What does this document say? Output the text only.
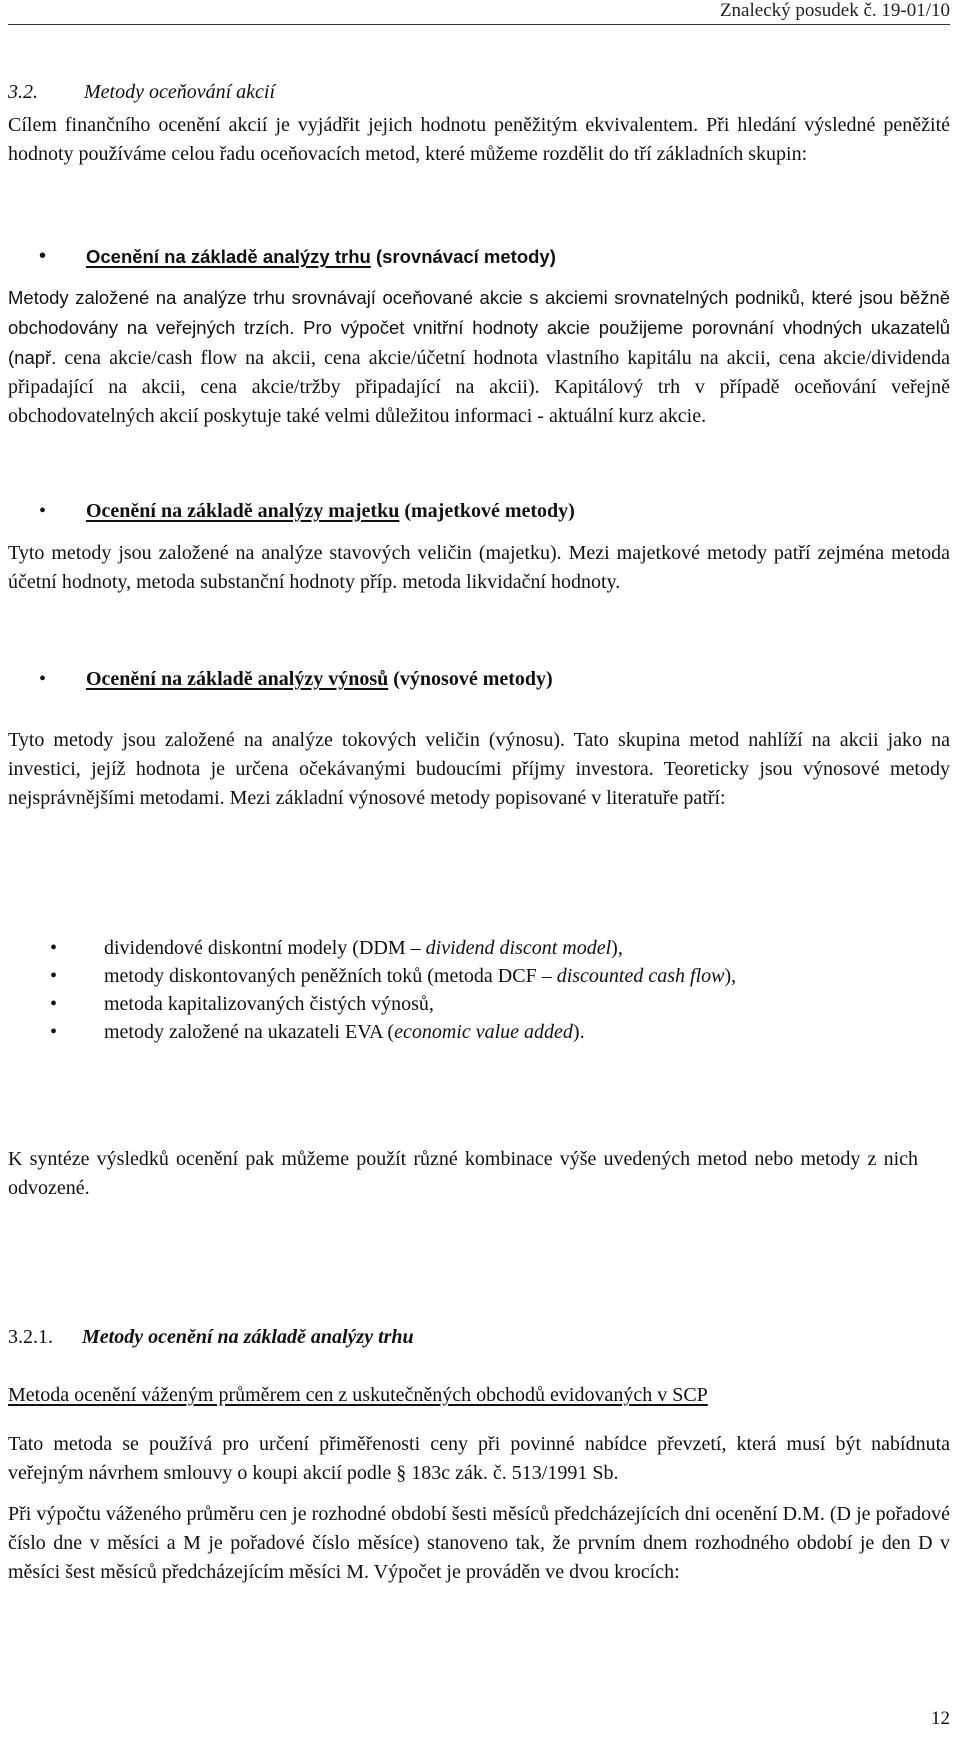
Znalecký posudek č. 19-01/10
3.2. Metody oceňování akcií

Cílem finančního ocenění akcií je vyjádřit jejich hodnotu peněžitým ekvivalentem. Při hledání výsledné peněžité hodnoty používáme celou řadu oceňovacích metod, které můžeme rozdělit do tří základních skupin:

• Ocenění na základě analýzy trhu (srovnávací metody)

Metody založené na analýze trhu srovnávají oceňované akcie s akciemi srovnatelných podniků, které jsou běžně obchodovány na veřejných trzích. Pro výpočet vnitřní hodnoty akcie použijeme porovnání vhodných ukazatelů (např. cena akcie/cash flow na akcii, cena akcie/účetní hodnota vlastního kapitálu na akcii, cena akcie/dividenda připadající na akcii, cena akcie/tržby připadající na akcii). Kapitálový trh v případě oceňování veřejně obchodovatelných akcií poskytuje také velmi důležitou informaci - aktuální kurz akcie.

• Ocenění na základě analýzy majetku (majetkové metody)

Tyto metody jsou založené na analýze stavových veličin (majetku). Mezi majetkové metody patří zejména metoda účetní hodnoty, metoda substanční hodnoty příp. metoda likvidační hodnoty.

• Ocenění na základě analýzy výnosů (výnosové metody)

Tyto metody jsou založené na analýze tokových veličin (výnosu). Tato skupina metod nahlíží na akcii jako na investici, jejíž hodnota je určena očekávanými budoucími příjmy investora. Teoreticky jsou výnosové metody nejsprávnějšími metodami. Mezi základní výnosové metody popisované v literatuře patří:

• dividendové diskontní modely (DDM – dividend discont model),
• metody diskontovaných peněžních toků (metoda DCF – discounted cash flow),
• metoda kapitalizovaných čistých výnosů,
• metody založené na ukazateli EVA (economic value added).

K syntéze výsledků ocenění pak můžeme použít různé kombinace výše uvedených metod nebo metody z nich odvozené.

3.2.1. Metody ocenění na základě analýzy trhu
Metoda ocenění váženým průměrem cen z uskutečněných obchodů evidovaných v SCP

Tato metoda se používá pro určení přiměřenosti ceny při povinné nabídce převzetí, která musí být nabídnuta veřejným návrhem smlouvy o koupi akcií podle § 183c zák. č. 513/1991 Sb.

Při výpočtu váženého průměru cen je rozhodné období šesti měsíců předcházejících dni ocenění D.M. (D je pořadové číslo dne v měsíci a M je pořadové číslo měsíce) stanoveno tak, že prvním dnem rozhodného období je den D v měsíci šest měsíců předcházejícím měsíci M. Výpočet je prováděn ve dvou krocích:

12
